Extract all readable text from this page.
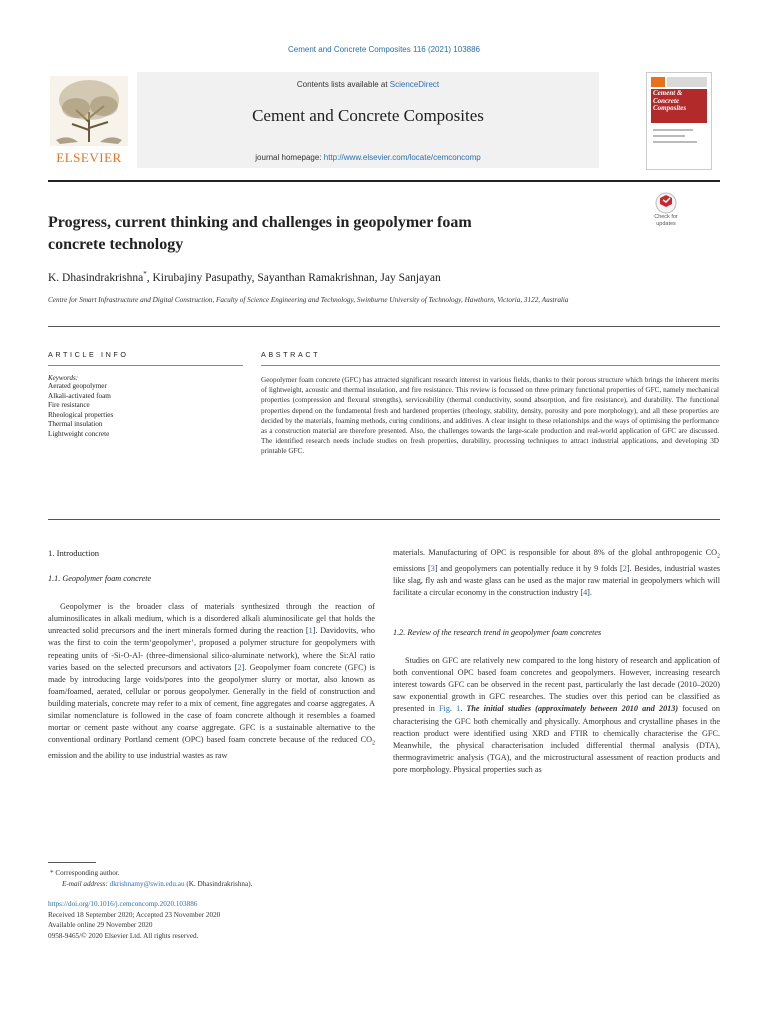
Cement and Concrete Composites 116 (2021) 103886
ELSEVIER
Contents lists available at ScienceDirect
Cement and Concrete Composites
journal homepage: http://www.elsevier.com/locate/cemconcomp
Cement &
Concrete
Composites
Progress, current thinking and challenges in geopolymer foam
concrete technology
Check for
updates
K. Dhasindrakrishna*, Kirubajiny Pasupathy, Sayanthan Ramakrishnan, Jay Sanjayan
Centre for Smart Infrastructure and Digital Construction, Faculty of Science Engineering and Technology, Swinburne University of Technology, Hawthorn, Victoria, 3122, Australia
ARTICLE INFO	ABSTRACT
Keywords:
Aerated geopolymer
Alkali-activated foam
Fire resistance
Rheological properties
Thermal insulation
Lightweight concrete
Geopolymer foam concrete (GFC) has attracted significant research interest in various fields, thanks to their porous structure which brings the inherent merits of lightweight, acoustic and thermal insulation, and fire resistance. This review is focussed on three primary functional properties of GFC, namely mechanical properties (compression and flexural strengths), serviceability (thermal conductivity, sound absorption, and fire resistance), and durability. The functional properties depend on the fundamental fresh and hardened properties (rheology, stability, density, porosity and pore morphology), and all these properties are decided by the materials, foaming methods, curing conditions, and additives. A clear insight to these relationships and the ways of optimising the performance as a construction material are therefore presented. Also, the challenges towards the large-scale production and real-world application of GFC are discussed. The identified research needs include studies on fresh properties, durability, processing techniques to attract industrial applications, and developing 3D printable GFC.
1. Introduction
1.1. Geopolymer foam concrete

Geopolymer is the broader class of materials synthesized through the reaction of aluminosilicates in alkali medium, which is a disordered alkali aluminosilicate gel that holds the unreacted solid precursors and the inert minerals formed during the reaction [1]. Davidovits, who was the first to coin the term‘geopolymer’, proposed a polymer structure for geopolymers with repeating units of -Si-O-Al- (three-dimensional silico-aluminate network), where the Si:Al ratio varies based on the selected precursors and activators [2]. Geopolymer foam concrete (GFC) is made by introducing large voids/pores into the geopolymer slurry or mortar, also known as foam/foamed, aerated, cellular or porous geopolymer. Generally in the field of construction and building materials, concrete may refer to a mix of cement, fine aggregates and coarse aggregates. A similar nomenclature is followed in the case of foam concrete although it resembles a foamed mortar or cement paste without any coarse aggregate. GFC is a sustainable alternative to the conventional ordinary Portland cement (OPC) based foam concrete because of the reduced $CO_2$ emission and the ability to use industrial wastes as raw

materials. Manufacturing of OPC is responsible for about 8% of the global anthropogenic $CO_2$ emissions [3] and geopolymers can potentially reduce it by 9 folds [2]. Besides, industrial wastes like slag, fly ash and waste glass can be used as the major raw material in geopolymers which will facilitate a circular economy in the construction industry [4].

1.2. Review of the research trend in geopolymer foam concretes

Studies on GFC are relatively new compared to the long history of research and application of both conventional OPC based foam concretes and geopolymers. However, increasing research interest towards GFC can be observed in the recent past, particularly the last decade (2010–2020) saw exponential growth in GFC researches. The studies over this period can be classified as presented in Fig. 1. The initial studies (approximately between 2010 and 2013) focused on characterising the GFC both chemically and physically. Amorphous and crystalline phases in the reaction product were identified using XRD and FTIR to chemically characterise the GFC. Meanwhile, the physical characterisation included differential thermal analysis (DTA), thermogravimetric analysis (TGA), and the microstructural assessment of reaction products and pore morphology. Physical properties such as

* Corresponding author.
E-mail address: dkrishnamy@swin.edu.au (K. Dhasindrakrishna).
https://doi.org/10.1016/j.cemconcomp.2020.103886
Received 18 September 2020; Accepted 23 November 2020
Available online 29 November 2020
0958-9465/© 2020 Elsevier Ltd. All rights reserved.
